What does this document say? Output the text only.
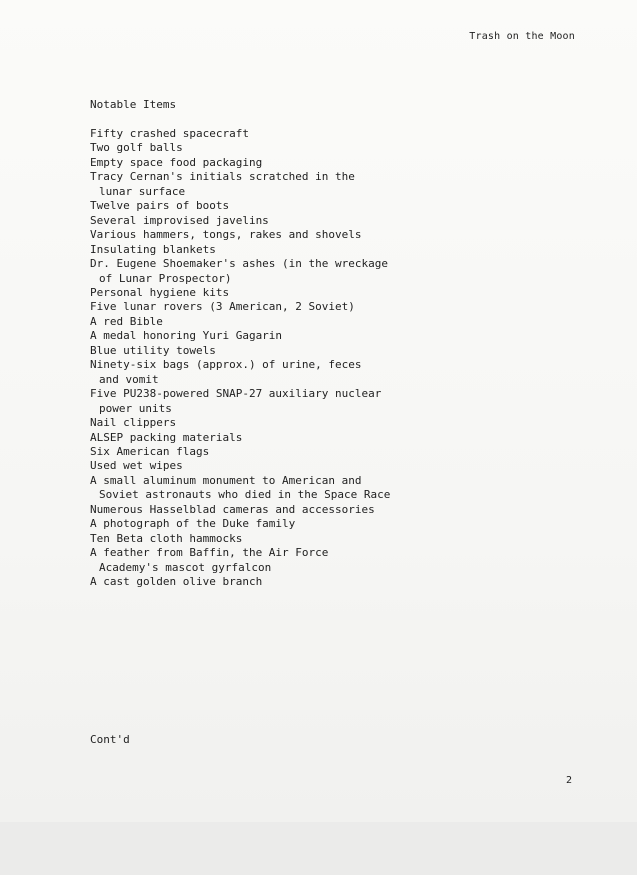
Trash on the Moon
Notable Items
Fifty crashed spacecraft
Two golf balls
Empty space food packaging
Tracy Cernan's initials scratched in the
lunar surface
Twelve pairs of boots
Several improvised javelins
Various hammers, tongs, rakes and shovels
Insulating blankets
Dr. Eugene Shoemaker's ashes (in the wreckage
of Lunar Prospector)
Personal hygiene kits
Five lunar rovers (3 American, 2 Soviet)
A red Bible
A medal honoring Yuri Gagarin
Blue utility towels
Ninety-six bags (approx.) of urine, feces
and vomit
Five PU238-powered SNAP-27 auxiliary nuclear
power units
Nail clippers
ALSEP packing materials
Six American flags
Used wet wipes
A small aluminum monument to American and
Soviet astronauts who died in the Space Race
Numerous Hasselblad cameras and accessories
A photograph of the Duke family
Ten Beta cloth hammocks
A feather from Baffin, the Air Force
Academy's mascot gyrfalcon
A cast golden olive branch
Cont'd
2
